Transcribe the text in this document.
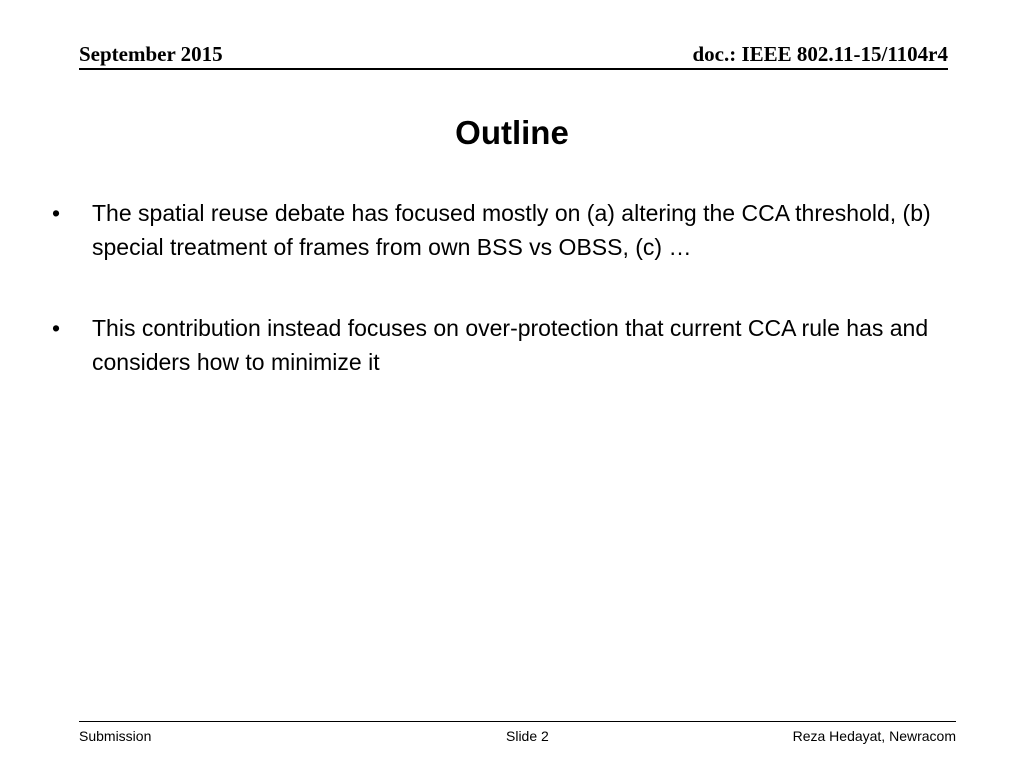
September 2015	doc.: IEEE 802.11-15/1104r4
Outline
• The spatial reuse debate has focused mostly on (a) altering the CCA threshold, (b) special treatment of frames from own BSS vs OBSS, (c) …
• This contribution instead focuses on over-protection that current CCA rule has and considers how to minimize it
Submission	Slide 2	Reza Hedayat, Newracom
